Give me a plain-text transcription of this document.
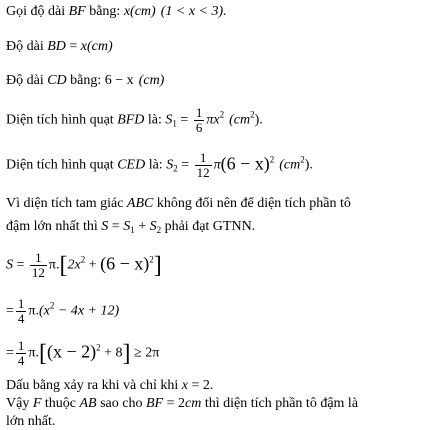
Gọi độ dài BF bằng: x(cm) (1 < x < 3).
Độ dài BD = x(cm)
Độ dài CD bằng: 6 − x (cm)
Diện tích hình quạt BFD là: $S_1 = \frac{1}{6} \pi x^2$ $(cm^2)$.
Diện tích hình quạt CED là: $S_2 = \frac{1}{12} \pi(6 - x)^2$ $(cm^2)$.
Vì diện tích tam giác ABC không đổi nên để diện tích phần tô
đậm lớn nhất thì $S = S_1 + S_2$ phải đạt GTNN.
$S = \frac{1}{12} \pi.[2x^2 + (6 - x)^2]$
= $\frac{1}{4} \pi.(x^2 - 4x + 12)$
= $\frac{1}{4} \pi.[(x - 2)^2 + 8] \ge 2\pi$
Dấu bằng xảy ra khi và chỉ khi x = 2.
Vậy F thuộc AB sao cho BF = 2cm thì diện tích phần tô đậm là
lớn nhất.
